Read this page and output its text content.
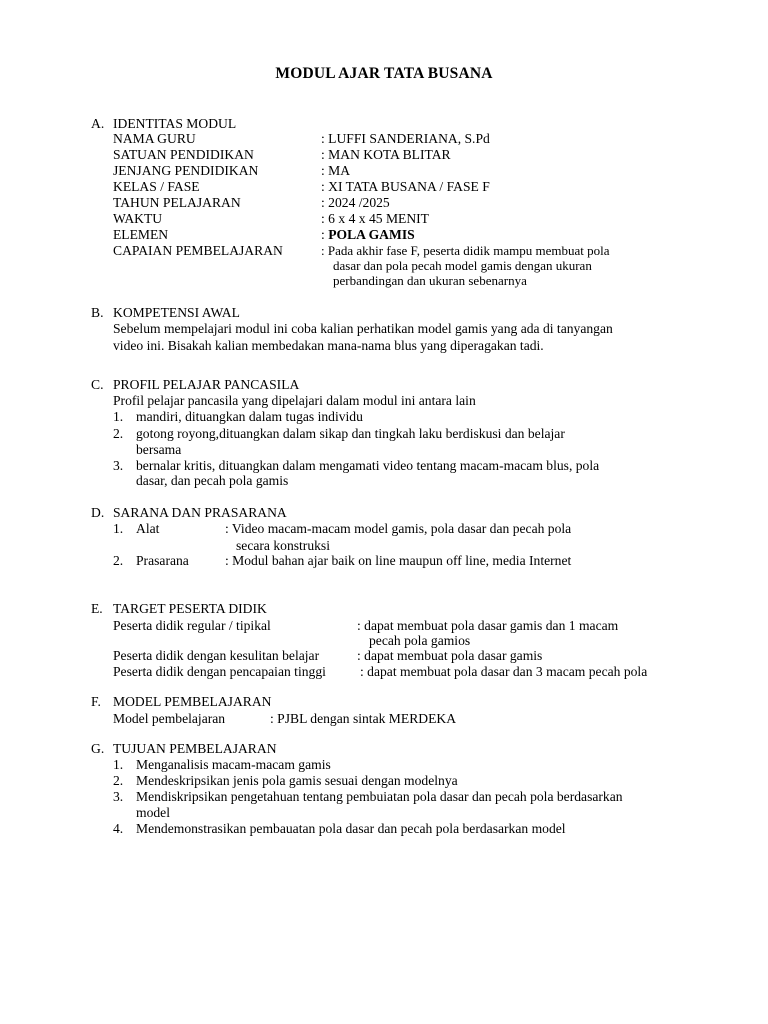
MODUL AJAR TATA BUSANA
A. IDENTITAS MODUL
NAMA GURU	: LUFFI SANDERIANA, S.Pd
SATUAN PENDIDIKAN	: MAN KOTA BLITAR
JENJANG PENDIDIKAN	: MA
KELAS / FASE	: XI TATA BUSANA / FASE F
TAHUN PELAJARAN	: 2024 /2025
WAKTU	: 6 x 4 x 45 MENIT
ELEMEN	: POLA GAMIS
CAPAIAN PEMBELAJARAN	: Pada akhir fase F, peserta didik mampu membuat pola
dasar dan pola pecah model gamis dengan ukuran
perbandingan dan ukuran sebenarnya
B. KOMPETENSI AWAL
Sebelum mempelajari modul ini coba kalian perhatikan model gamis yang ada di tanyangan
video ini. Bisakah kalian membedakan mana-nama blus yang diperagakan tadi.
C. PROFIL PELAJAR PANCASILA
Profil pelajar pancasila yang dipelajari dalam modul ini antara lain
1. mandiri, dituangkan dalam tugas individu
2. gotong royong,dituangkan dalam sikap dan tingkah laku berdiskusi dan belajar
bersama
3. bernalar kritis, dituangkan dalam mengamati video tentang macam-macam blus, pola
dasar, dan pecah pola gamis
D. SARANA DAN PRASARANA
1. Alat	: Video macam-macam model gamis, pola dasar dan pecah pola
secara konstruksi
2. Prasarana	: Modul bahan ajar baik on line maupun off line, media Internet
E. TARGET PESERTA DIDIK
Peserta didik regular / tipikal	: dapat membuat pola dasar gamis dan 1 macam
pecah pola gamios
Peserta didik dengan kesulitan belajar	: dapat membuat pola dasar gamis
Peserta didik dengan pencapaian tinggi	: dapat membuat pola dasar dan 3 macam pecah pola
F. MODEL PEMBELAJARAN
Model pembelajaran	: PJBL dengan sintak MERDEKA
G. TUJUAN PEMBELAJARAN
1. Menganalisis macam-macam gamis
2. Mendeskripsikan jenis pola gamis sesuai dengan modelnya
3. Mendiskripsikan pengetahuan tentang pembuiatan pola dasar dan pecah pola berdasarkan
model
4. Mendemonstrasikan pembauatan pola dasar dan pecah pola berdasarkan model
